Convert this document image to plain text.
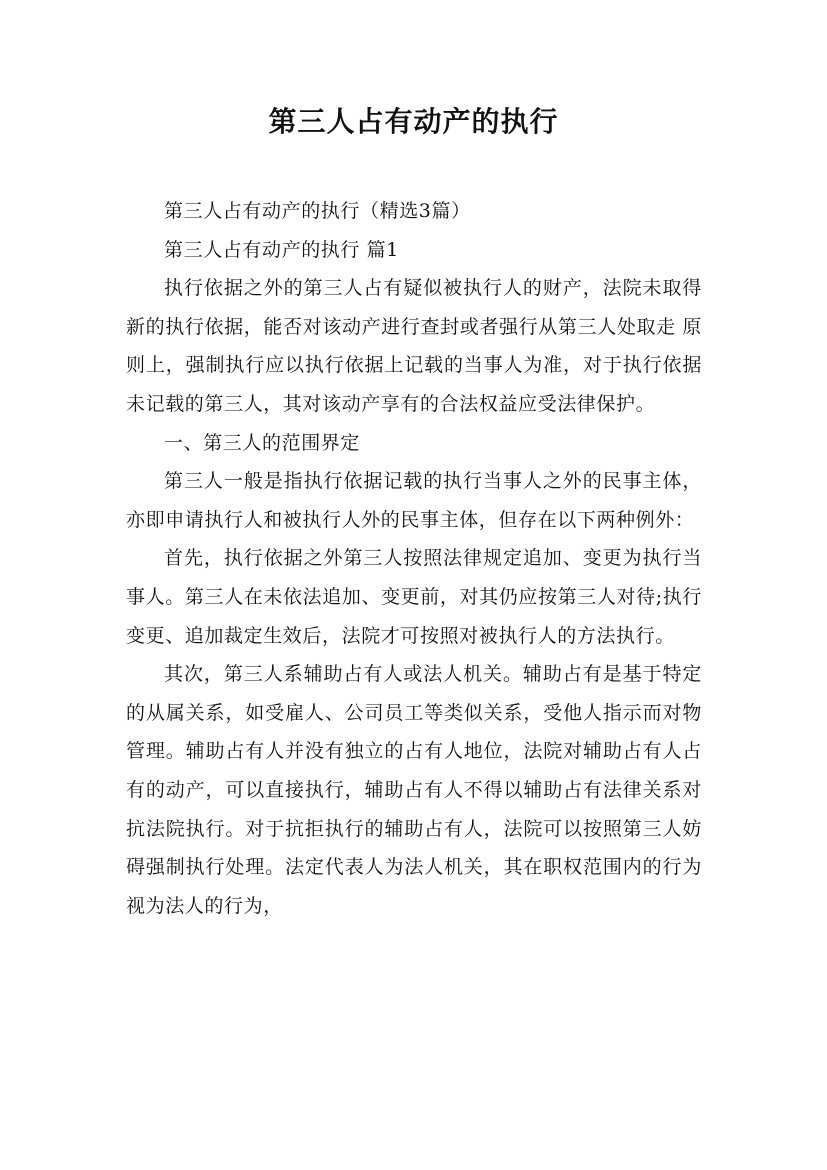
第三人占有动产的执行

第三人占有动产的执行（精选3篇）

第三人占有动产的执行 篇1

执行依据之外的第三人占有疑似被执行人的财产，法院未取得新的执行依据，能否对该动产进行查封或者强行从第三人处取走 原则上，强制执行应以执行依据上记载的当事人为准，对于执行依据未记载的第三人，其对该动产享有的合法权益应受法律保护。

一、第三人的范围界定

第三人一般是指执行依据记载的执行当事人之外的民事主体，亦即申请执行人和被执行人外的民事主体，但存在以下两种例外：

首先，执行依据之外第三人按照法律规定追加、变更为执行当事人。第三人在未依法追加、变更前，对其仍应按第三人对待;执行变更、追加裁定生效后，法院才可按照对被执行人的方法执行。

其次，第三人系辅助占有人或法人机关。辅助占有是基于特定的从属关系，如受雇人、公司员工等类似关系，受他人指示而对物管理。辅助占有人并没有独立的占有人地位，法院对辅助占有人占有的动产，可以直接执行，辅助占有人不得以辅助占有法律关系对抗法院执行。对于抗拒执行的辅助占有人，法院可以按照第三人妨碍强制执行处理。法定代表人为法人机关，其在职权范围内的行为视为法人的行为，
